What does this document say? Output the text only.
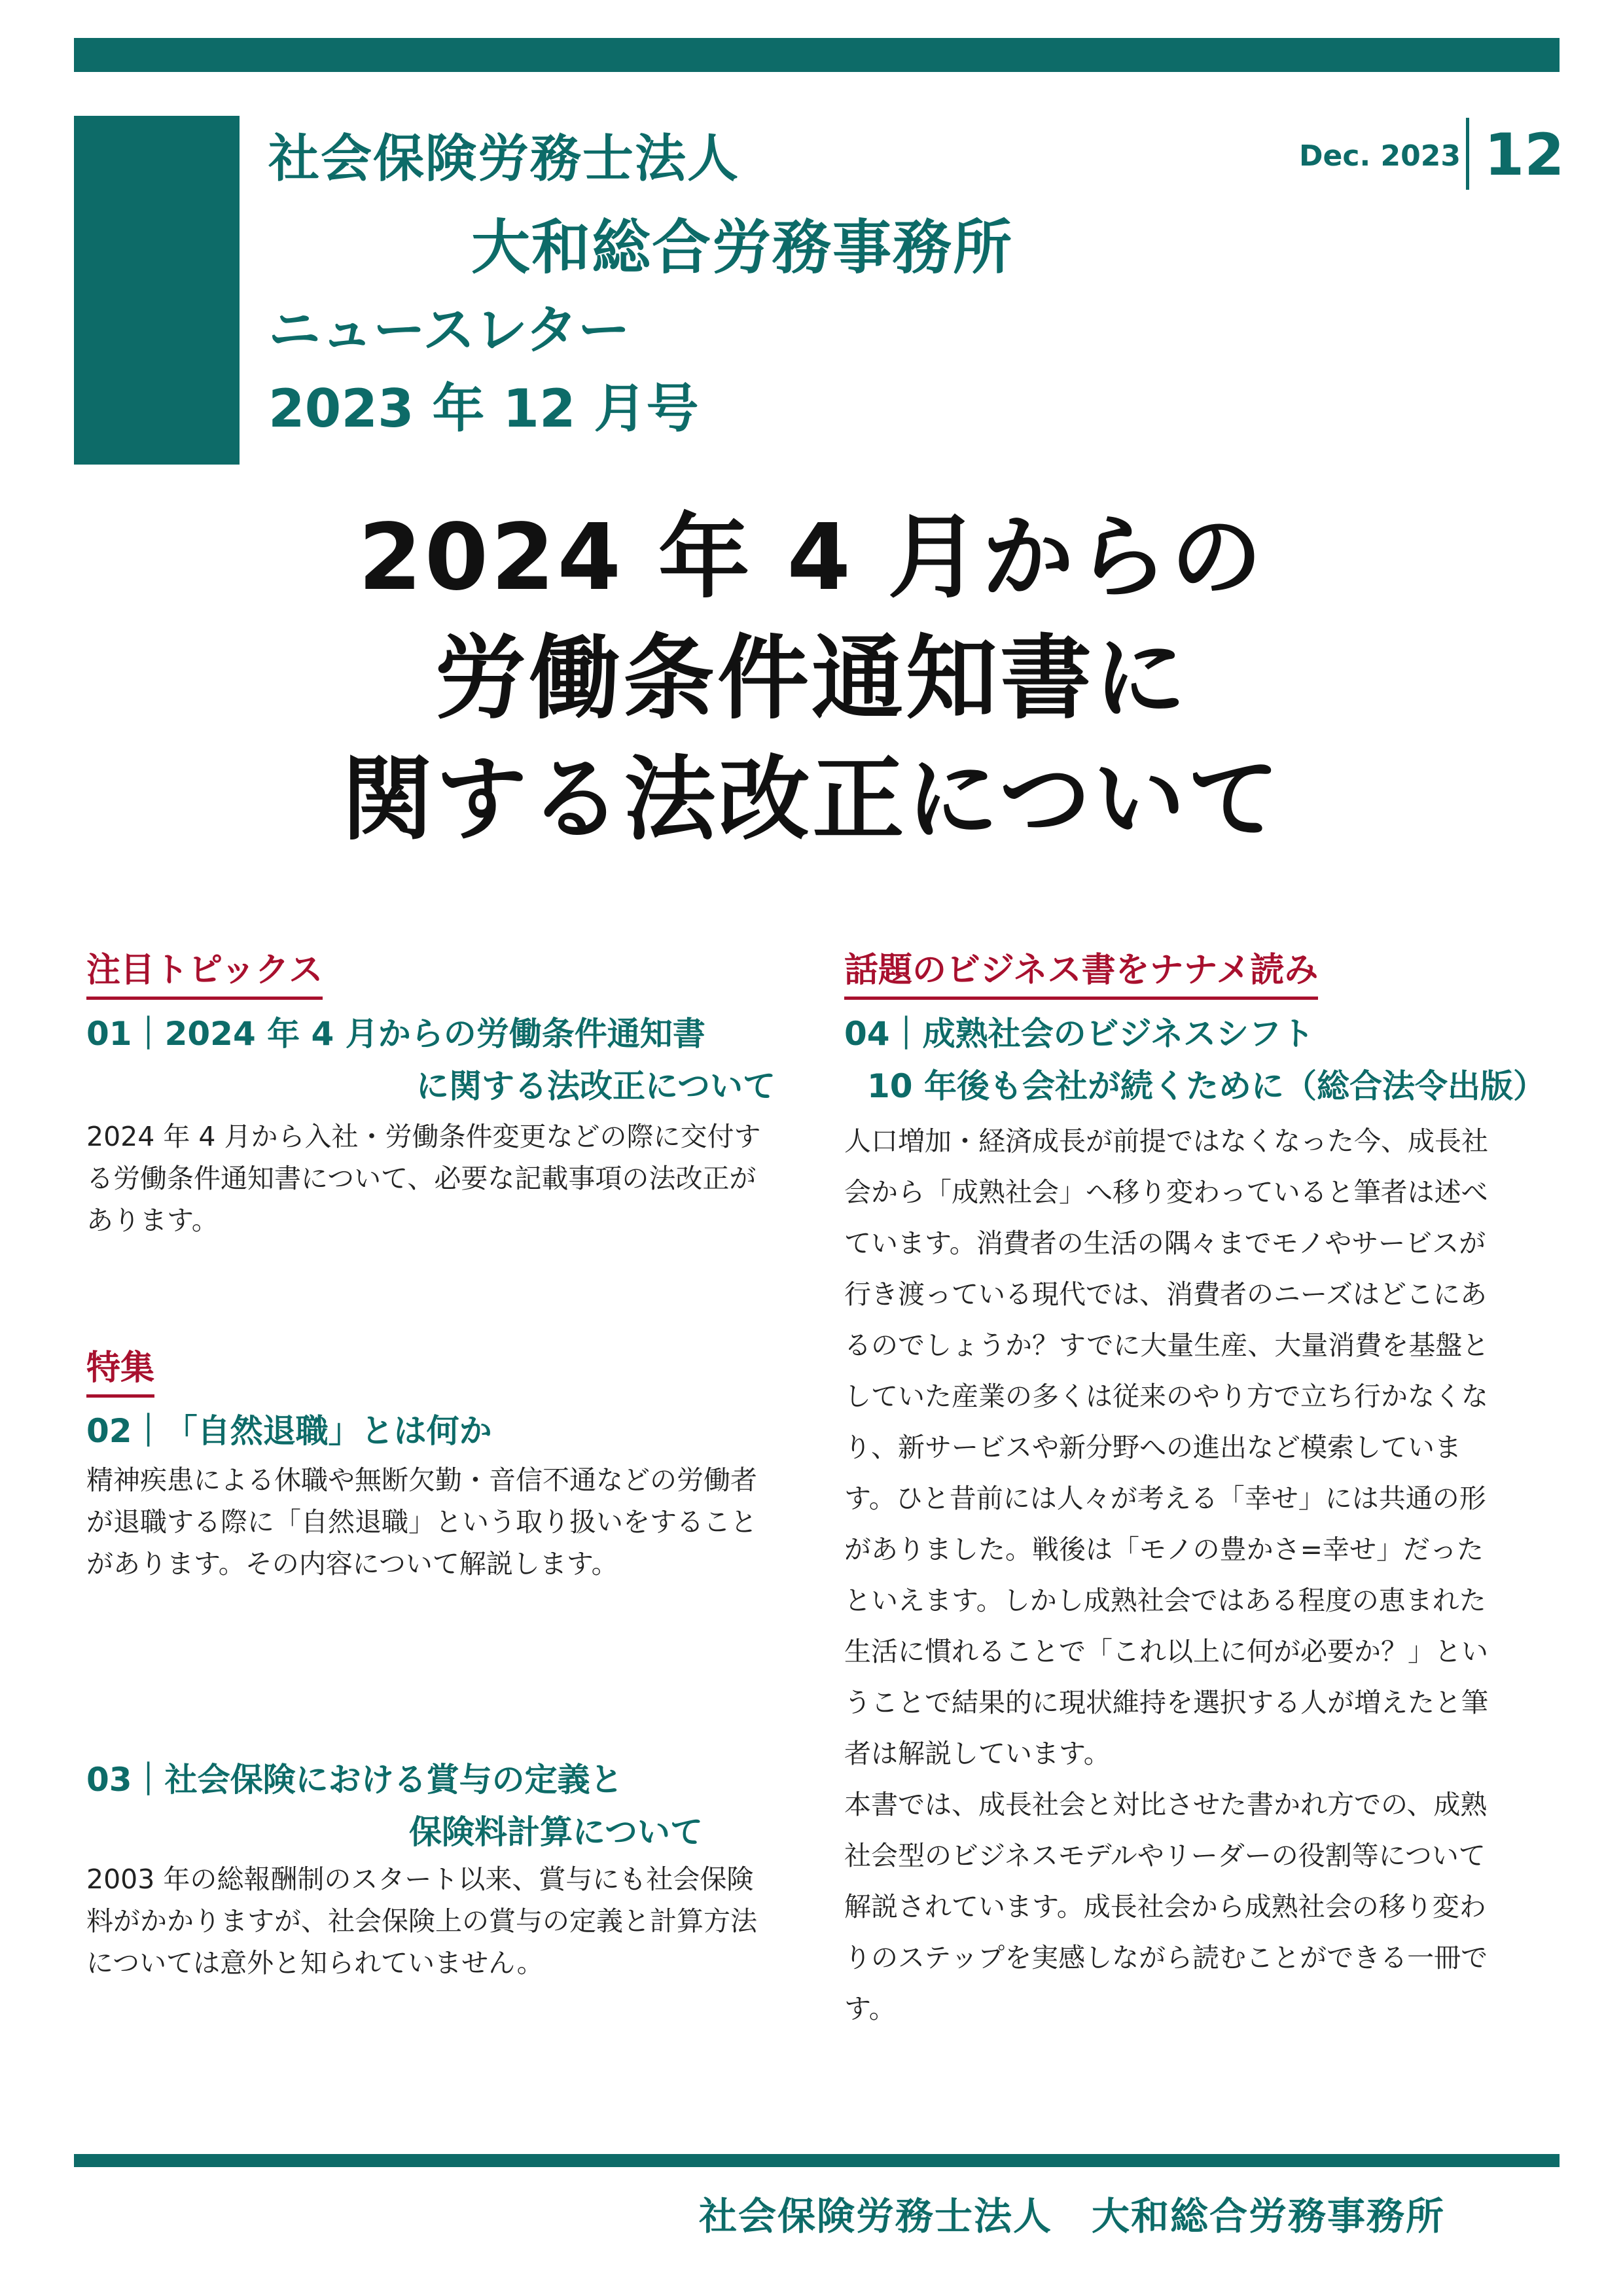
社会保険労務士法人
大和総合労務事務所
ニュースレター
2023 年 12 月号
Dec. 2023 12
2024 年 4 月からの
労働条件通知書に
関する法改正について
注目トピックス
01｜2024 年 4 月からの労働条件通知書
に関する法改正について
2024 年 4 月から入社・労働条件変更などの際に交付す
る労働条件通知書について、必要な記載事項の法改正が
あります。
特集
02｜「自然退職」とは何か
精神疾患による休職や無断欠勤・音信不通などの労働者
が退職する際に「自然退職」という取り扱いをすること
があります。その内容について解説します。
03｜社会保険における賞与の定義と
保険料計算について
2003 年の総報酬制のスタート以来、賞与にも社会保険
料がかかりますが、社会保険上の賞与の定義と計算方法
については意外と知られていません。
話題のビジネス書をナナメ読み
04｜成熟社会のビジネスシフト
10 年後も会社が続くために（総合法令出版）
人口増加・経済成長が前提ではなくなった今、成長社
会から「成熟社会」へ移り変わっていると筆者は述べ
ています。消費者の生活の隅々までモノやサービスが
行き渡っている現代では、消費者のニーズはどこにあ
るのでしょうか？すでに大量生産、大量消費を基盤と
していた産業の多くは従来のやり方で立ち行かなくな
り、新サービスや新分野への進出など模索していま
す。ひと昔前には人々が考える「幸せ」には共通の形
がありました。戦後は「モノの豊かさ=幸せ」だった
といえます。しかし成熟社会ではある程度の恵まれた
生活に慣れることで「これ以上に何が必要か？」とい
うことで結果的に現状維持を選択する人が増えたと筆
者は解説しています。
本書では、成長社会と対比させた書かれ方での、成熟
社会型のビジネスモデルやリーダーの役割等について
解説されています。成長社会から成熟社会の移り変わ
りのステップを実感しながら読むことができる一冊で
す。
社会保険労務士法人　大和総合労務事務所
